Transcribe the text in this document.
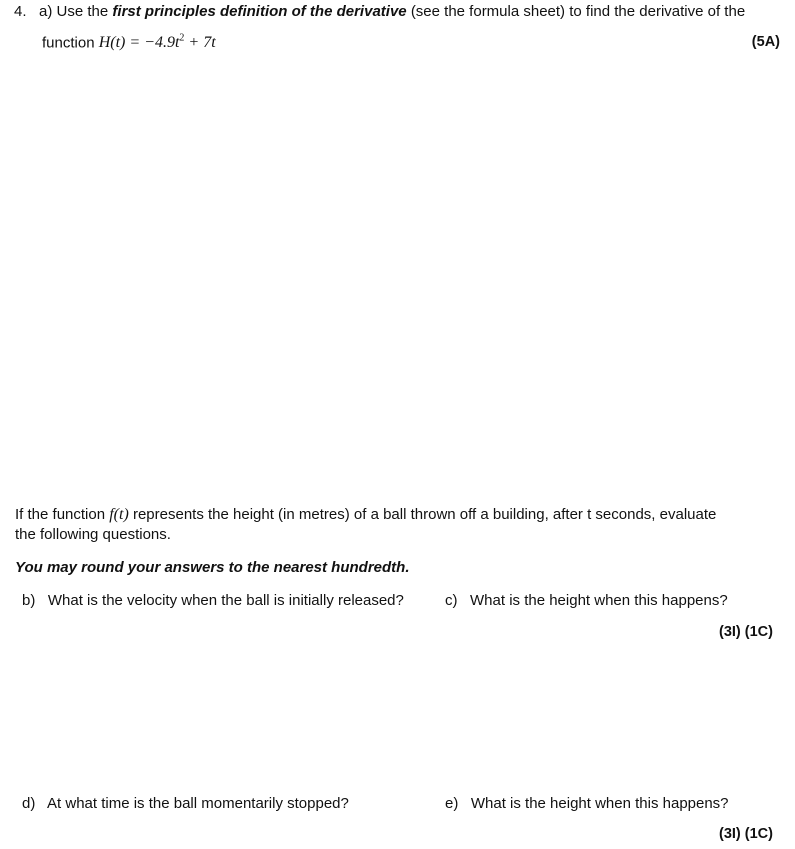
4. a) Use the first principles definition of the derivative (see the formula sheet) to find the derivative of the
function $H(t) = -4.9t^2 + 7t$	(5A)
If the function f(t) represents the height (in metres) of a ball thrown off a building, after t seconds, evaluate
the following questions.
You may round your answers to the nearest hundredth.
b) What is the velocity when the ball is initially released?	c) What is the height when this happens?
(3I) (1C)
d) At what time is the ball momentarily stopped?	e) What is the height when this happens?
(3I) (1C)
